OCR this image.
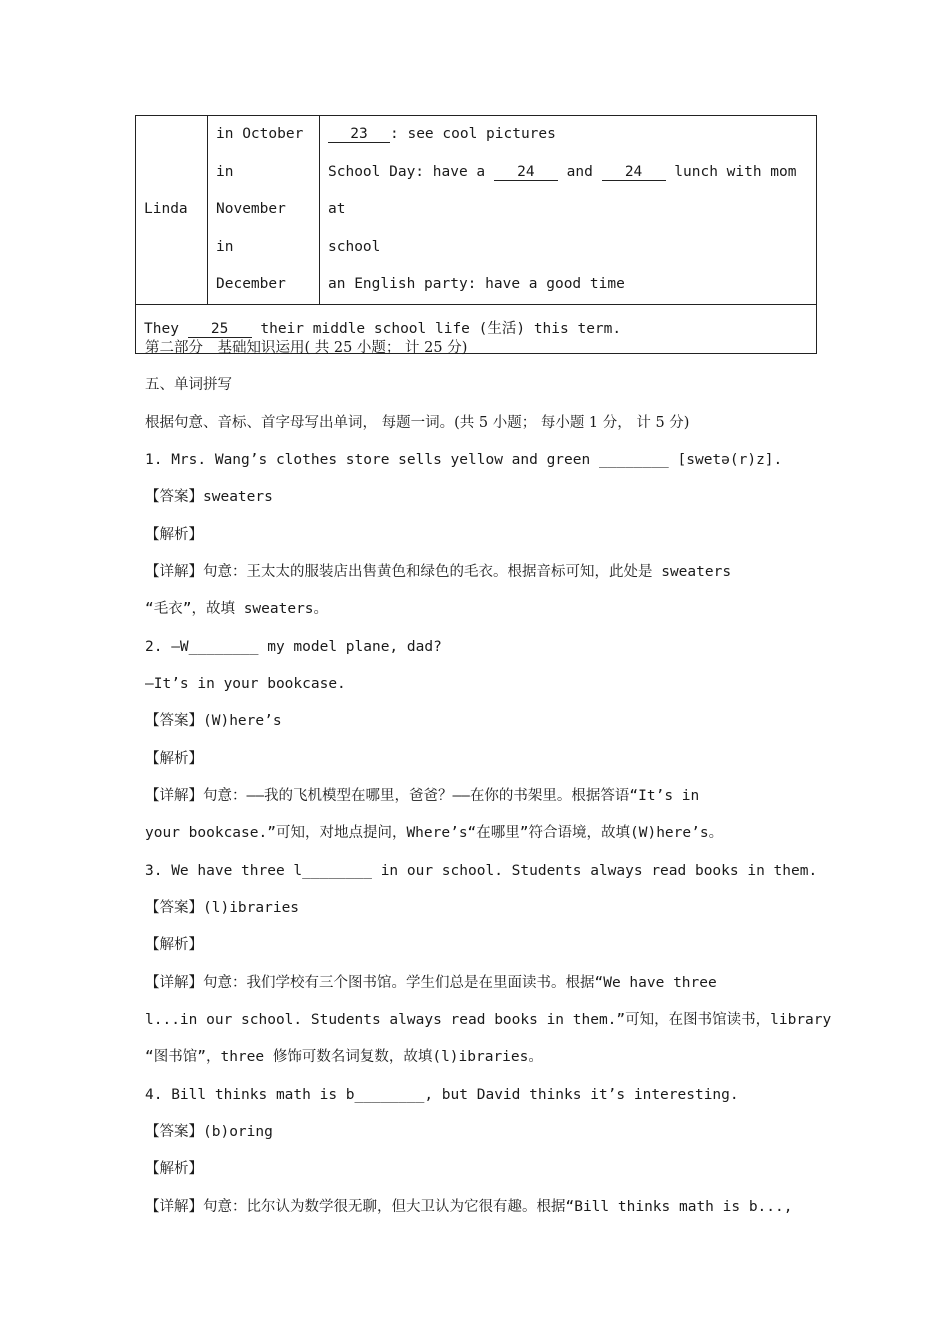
Linda	
in October
in November
in December

23 : see cool pictures
School Day: have a 24 and 24 lunch with mom at
school
an English party: have a good time

They 25 their middle school life (生活) this term.
第二部分　基础知识运用( 共 25 小题； 计 25 分)
五、单词拼写
根据句意、音标、首字母写出单词， 每题一词。(共 5 小题； 每小题 1 分， 计 5 分)
1. Mrs. Wang’s clothes store sells yellow and green ________ [swetə(r)z].
【答案】sweaters
【解析】
【详解】句意：王太太的服装店出售黄色和绿色的毛衣。根据音标可知，此处是 sweaters
“毛衣”，故填 sweaters。
2. —W________ my model plane, dad?
—It’s in your bookcase.
【答案】(W)here’s
【解析】
【详解】句意：——我的飞机模型在哪里，爸爸？——在你的书架里。根据答语“It’s in
your bookcase.”可知，对地点提问，Where’s“在哪里”符合语境，故填(W)here’s。
3. We have three l________ in our school. Students always read books in them.
【答案】(l)ibraries
【解析】
【详解】句意：我们学校有三个图书馆。学生们总是在里面读书。根据“We have three
l...in our school. Students always read books in them.”可知，在图书馆读书，library
“图书馆”，three 修饰可数名词复数，故填(l)ibraries。
4. Bill thinks math is b________, but David thinks it’s interesting.
【答案】(b)oring
【解析】
【详解】句意：比尔认为数学很无聊，但大卫认为它很有趣。根据“Bill thinks math is b...,
